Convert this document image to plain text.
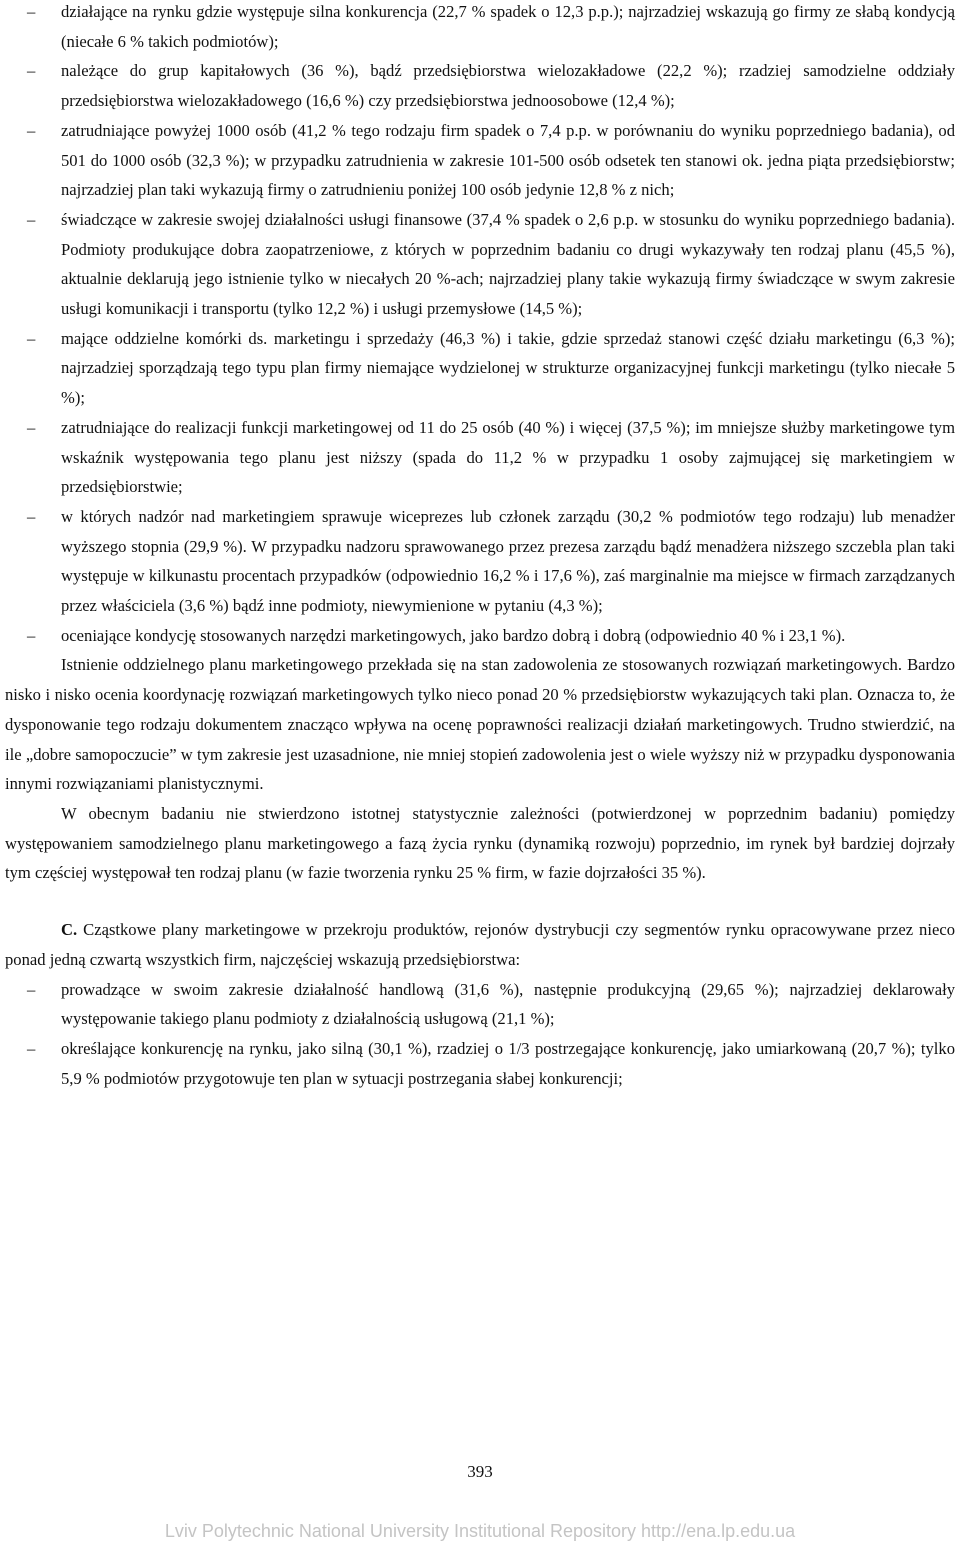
– działające na rynku gdzie występuje silna konkurencja (22,7 % spadek o 12,3 p.p.); najrzadziej wskazują go firmy ze słabą kondycją (niecałe 6 % takich podmiotów);

– należące do grup kapitałowych (36 %), bądź przedsiębiorstwa wielozakładowe (22,2 %); rzadziej samodzielne oddziały przedsiębiorstwa wielozakładowego (16,6 %) czy przedsiębiorstwa jednoosobowe (12,4 %);

– zatrudniające powyżej 1000 osób (41,2 % tego rodzaju firm spadek o 7,4 p.p. w porównaniu do wyniku poprzedniego badania), od 501 do 1000 osób (32,3 %); w przypadku zatrudnienia w zakresie 101-500 osób odsetek ten stanowi ok. jedna piąta przedsiębiorstw; najrzadziej plan taki wykazują firmy o zatrudnieniu poniżej 100 osób jedynie 12,8 % z nich;

– świadczące w zakresie swojej działalności usługi finansowe (37,4 % spadek o 2,6 p.p. w stosunku do wyniku poprzedniego badania). Podmioty produkujące dobra zaopatrzeniowe, z których w poprzednim badaniu co drugi wykazywały ten rodzaj planu (45,5 %), aktualnie deklarują jego istnienie tylko w niecałych 20 %-ach; najrzadziej plany takie wykazują firmy świadczące w swym zakresie usługi komunikacji i transportu (tylko 12,2 %) i usługi przemysłowe (14,5 %);

– mające oddzielne komórki ds. marketingu i sprzedaży (46,3 %) i takie, gdzie sprzedaż stanowi część działu marketingu (6,3 %); najrzadziej sporządzają tego typu plan firmy niemające wydzielonej w strukturze organizacyjnej funkcji marketingu (tylko niecałe 5 %);

– zatrudniające do realizacji funkcji marketingowej od 11 do 25 osób (40 %) i więcej (37,5 %); im mniejsze służby marketingowe tym wskaźnik występowania tego planu jest niższy (spada do 11,2 % w przypadku 1 osoby zajmującej się marketingiem w przedsiębiorstwie;

– w których nadzór nad marketingiem sprawuje wiceprezes lub członek zarządu (30,2 % podmiotów tego rodzaju) lub menadżer wyższego stopnia (29,9 %). W przypadku nadzoru sprawowanego przez prezesa zarządu bądź menadżera niższego szczebla plan taki występuje w kilkunastu procentach przypadków (odpowiednio 16,2 % i 17,6 %), zaś marginalnie ma miejsce w firmach zarządzanych przez właściciela (3,6 %) bądź inne podmioty, niewymienione w pytaniu (4,3 %);

– oceniające kondycję stosowanych narzędzi marketingowych, jako bardzo dobrą i dobrą (odpowiednio 40 % i 23,1 %).

Istnienie oddzielnego planu marketingowego przekłada się na stan zadowolenia ze stosowanych rozwiązań marketingowych. Bardzo nisko i nisko ocenia koordynację rozwiązań marketingowych tylko nieco ponad 20 % przedsiębiorstw wykazujących taki plan. Oznacza to, że dysponowanie tego rodzaju dokumentem znacząco wpływa na ocenę poprawności realizacji działań marketingowych. Trudno stwierdzić, na ile „dobre samopoczucie” w tym zakresie jest uzasadnione, nie mniej stopień zadowolenia jest o wiele wyższy niż w przypadku dysponowania innymi rozwiązaniami planistycznymi.

W obecnym badaniu nie stwierdzono istotnej statystycznie zależności (potwierdzonej w poprzednim badaniu) pomiędzy występowaniem samodzielnego planu marketingowego a fazą życia rynku (dynamiką rozwoju) poprzednio, im rynek był bardziej dojrzały tym częściej występował ten rodzaj planu (w fazie tworzenia rynku 25 % firm, w fazie dojrzałości 35 %).

C. Cząstkowe plany marketingowe w przekroju produktów, rejonów dystrybucji czy segmentów rynku opracowywane przez nieco ponad jedną czwartą wszystkich firm, najczęściej wskazują przedsiębiorstwa:

– prowadzące w swoim zakresie działalność handlową (31,6 %), następnie produkcyjną (29,65 %); najrzadziej deklarowały występowanie takiego planu podmioty z działalnością usługową (21,1 %);

– określające konkurencję na rynku, jako silną (30,1 %), rzadziej o 1/3 postrzegające konkurencję, jako umiarkowaną (20,7 %); tylko 5,9 % podmiotów przygotowuje ten plan w sytuacji postrzegania słabej konkurencji;

393
Lviv Polytechnic National University Institutional Repository http://ena.lp.edu.ua
